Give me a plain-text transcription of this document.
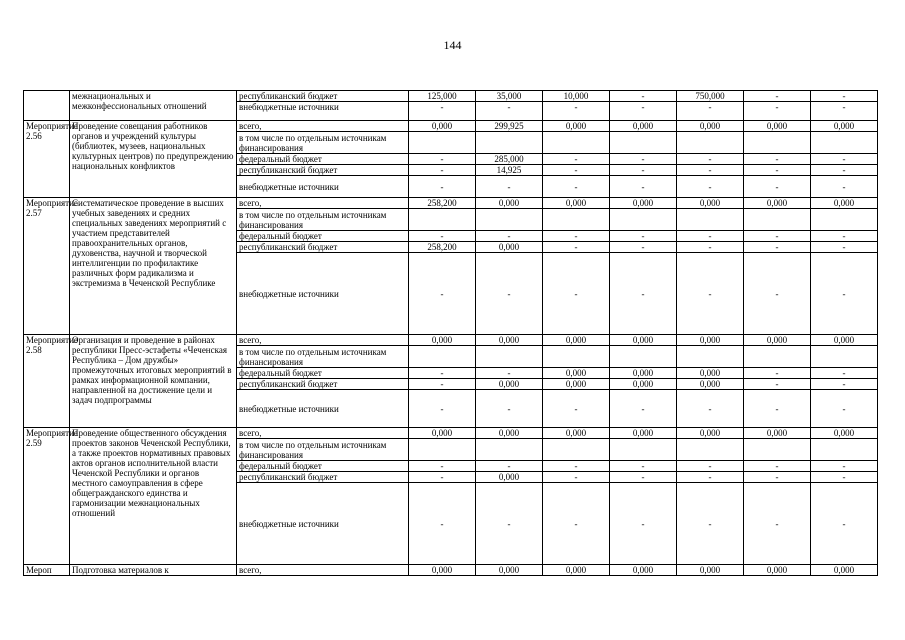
144
	межнациональных и межконфессиональных отношений	республиканский бюджет	125,000	35,000	10,000	-	750,000	-	-
		внебюджетные источники	-	-	-	-	-	-	-
Мероприятие 2.56	Проведение совещания работников органов и учреждений культуры (библиотек, музеев, национальных культурных центров) по предупреждению национальных конфликтов	всего,	0,000	299,925	0,000	0,000	0,000	0,000	0,000
		в том числе по отдельным источникам финансирования							
		федеральный бюджет	-	285,000	-	-	-	-	-
		республиканский бюджет	-	14,925	-	-	-	-	-
		внебюджетные источники	-	-	-	-	-	-	-
Мероприятие 2.57	Систематическое проведение в высших учебных заведениях и средних специальных заведениях мероприятий с участием представителей правоохранительных органов, духовенства, научной и творческой интеллигенции по профилактике различных форм радикализма и экстремизма в Чеченской Республике	всего,	258,200	0,000	0,000	0,000	0,000	0,000	0,000
		в том числе по отдельным источникам финансирования							
		федеральный бюджет	-	-	-	-	-	-	-
		республиканский бюджет	258,200	0,000	-	-	-	-	-
		внебюджетные источники	-	-	-	-	-	-	-
Мероприятие 2.58	Организация и проведение в районах республики Пресс-эстафеты «Чеченская Республика – Дом дружбы» промежуточных итоговых мероприятий в рамках информационной компании, направленной на достижение цели и задач подпрограммы	всего,	0,000	0,000	0,000	0,000	0,000	0,000	0,000
		в том числе по отдельным источникам финансирования							
		федеральный бюджет	-	-	0,000	0,000	0,000	-	-
		республиканский бюджет	-	0,000	0,000	0,000	0,000	-	-
		внебюджетные источники	-	-	-	-	-	-	-
Мероприятие 2.59	Проведение общественного обсуждения проектов законов Чеченской Республики, а также проектов нормативных правовых актов органов исполнительной власти Чеченской Республики и органов местного самоуправления в сфере общегражданского единства и гармонизации межнациональных отношений	всего,	0,000	0,000	0,000	0,000	0,000	0,000	0,000
		в том числе по отдельным источникам финансирования							
		федеральный бюджет	-	-	-	-	-	-	-
		республиканский бюджет	-	0,000	-	-	-	-	-
		внебюджетные источники	-	-	-	-	-	-	-
Мероп	Подготовка материалов к	всего,	0,000	0,000	0,000	0,000	0,000	0,000	0,000
